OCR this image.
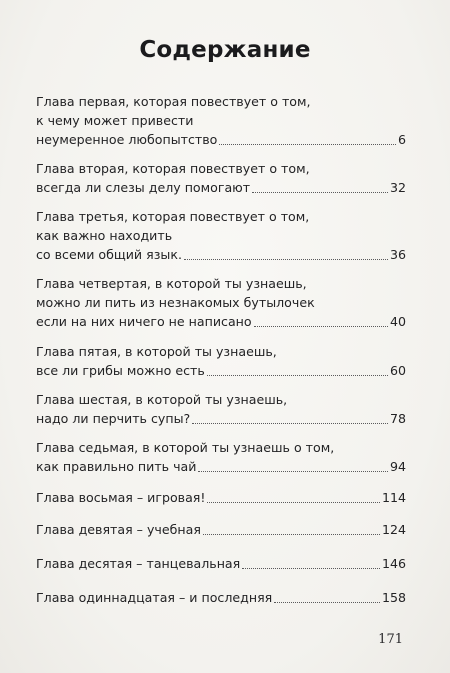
Содержание
Глава первая, которая повествует о том,
к чему может привести
неумеренное любопытство	6
Глава вторая, которая повествует о том,
всегда ли слезы делу помогают	32
Глава третья, которая повествует о том,
как важно находить
со всеми общий язык.	36
Глава четвертая, в которой ты узнаешь,
можно ли пить из незнакомых бутылочек
если на них ничего не написано	40
Глава пятая, в которой ты узнаешь,
все ли грибы можно есть	60
Глава шестая, в которой ты узнаешь,
надо ли перчить супы?	78
Глава седьмая, в которой ты узнаешь о том,
как правильно пить чай	94
Глава восьмая – игровая!	114
Глава девятая – учебная	124
Глава десятая – танцевальная	146
Глава одиннадцатая – и последняя	158
171
